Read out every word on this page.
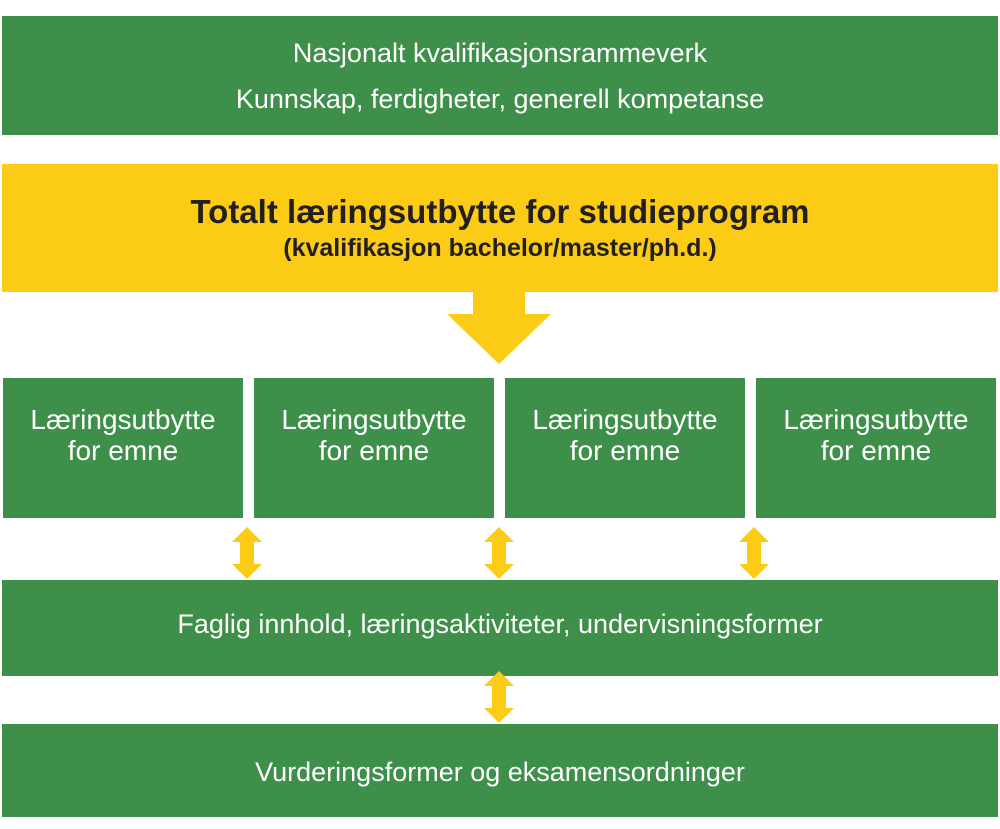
Nasjonalt kvalifikasjonsrammeverk
Kunnskap, ferdigheter, generell kompetanse
Totalt læringsutbytte for studieprogram
(kvalifikasjon bachelor/master/ph.d.)
Læringsutbytte
for emne
Læringsutbytte
for emne
Læringsutbytte
for emne
Læringsutbytte
for emne
Faglig innhold, læringsaktiviteter, undervisningsformer
Vurderingsformer og eksamensordninger
